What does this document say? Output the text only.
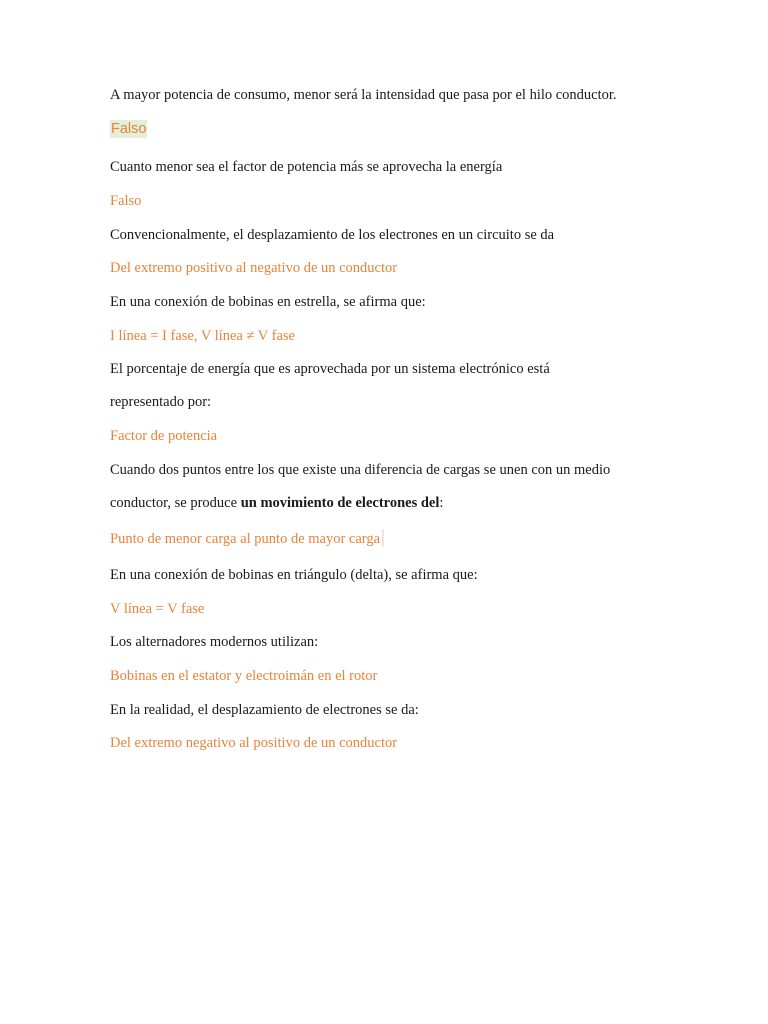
A mayor potencia de consumo, menor será la intensidad que pasa por el hilo conductor.

Falso

Cuanto menor sea el factor de potencia más se aprovecha la energía

Falso

Convencionalmente, el desplazamiento de los electrones en un circuito se da

Del extremo positivo al negativo de un conductor

En una conexión de bobinas en estrella, se afirma que:

I línea = I fase, V línea ≠ V fase

El porcentaje de energía que es aprovechada por un sistema electrónico está

representado por:

Factor de potencia

Cuando dos puntos entre los que existe una diferencia de cargas se unen con un medio

conductor, se produce un movimiento de electrones del:

Punto de menor carga al punto de mayor carga

En una conexión de bobinas en triángulo (delta), se afirma que:

V línea = V fase

Los alternadores modernos utilizan:

Bobinas en el estator y electroimán en el rotor

En la realidad, el desplazamiento de electrones se da:

Del extremo negativo al positivo de un conductor
